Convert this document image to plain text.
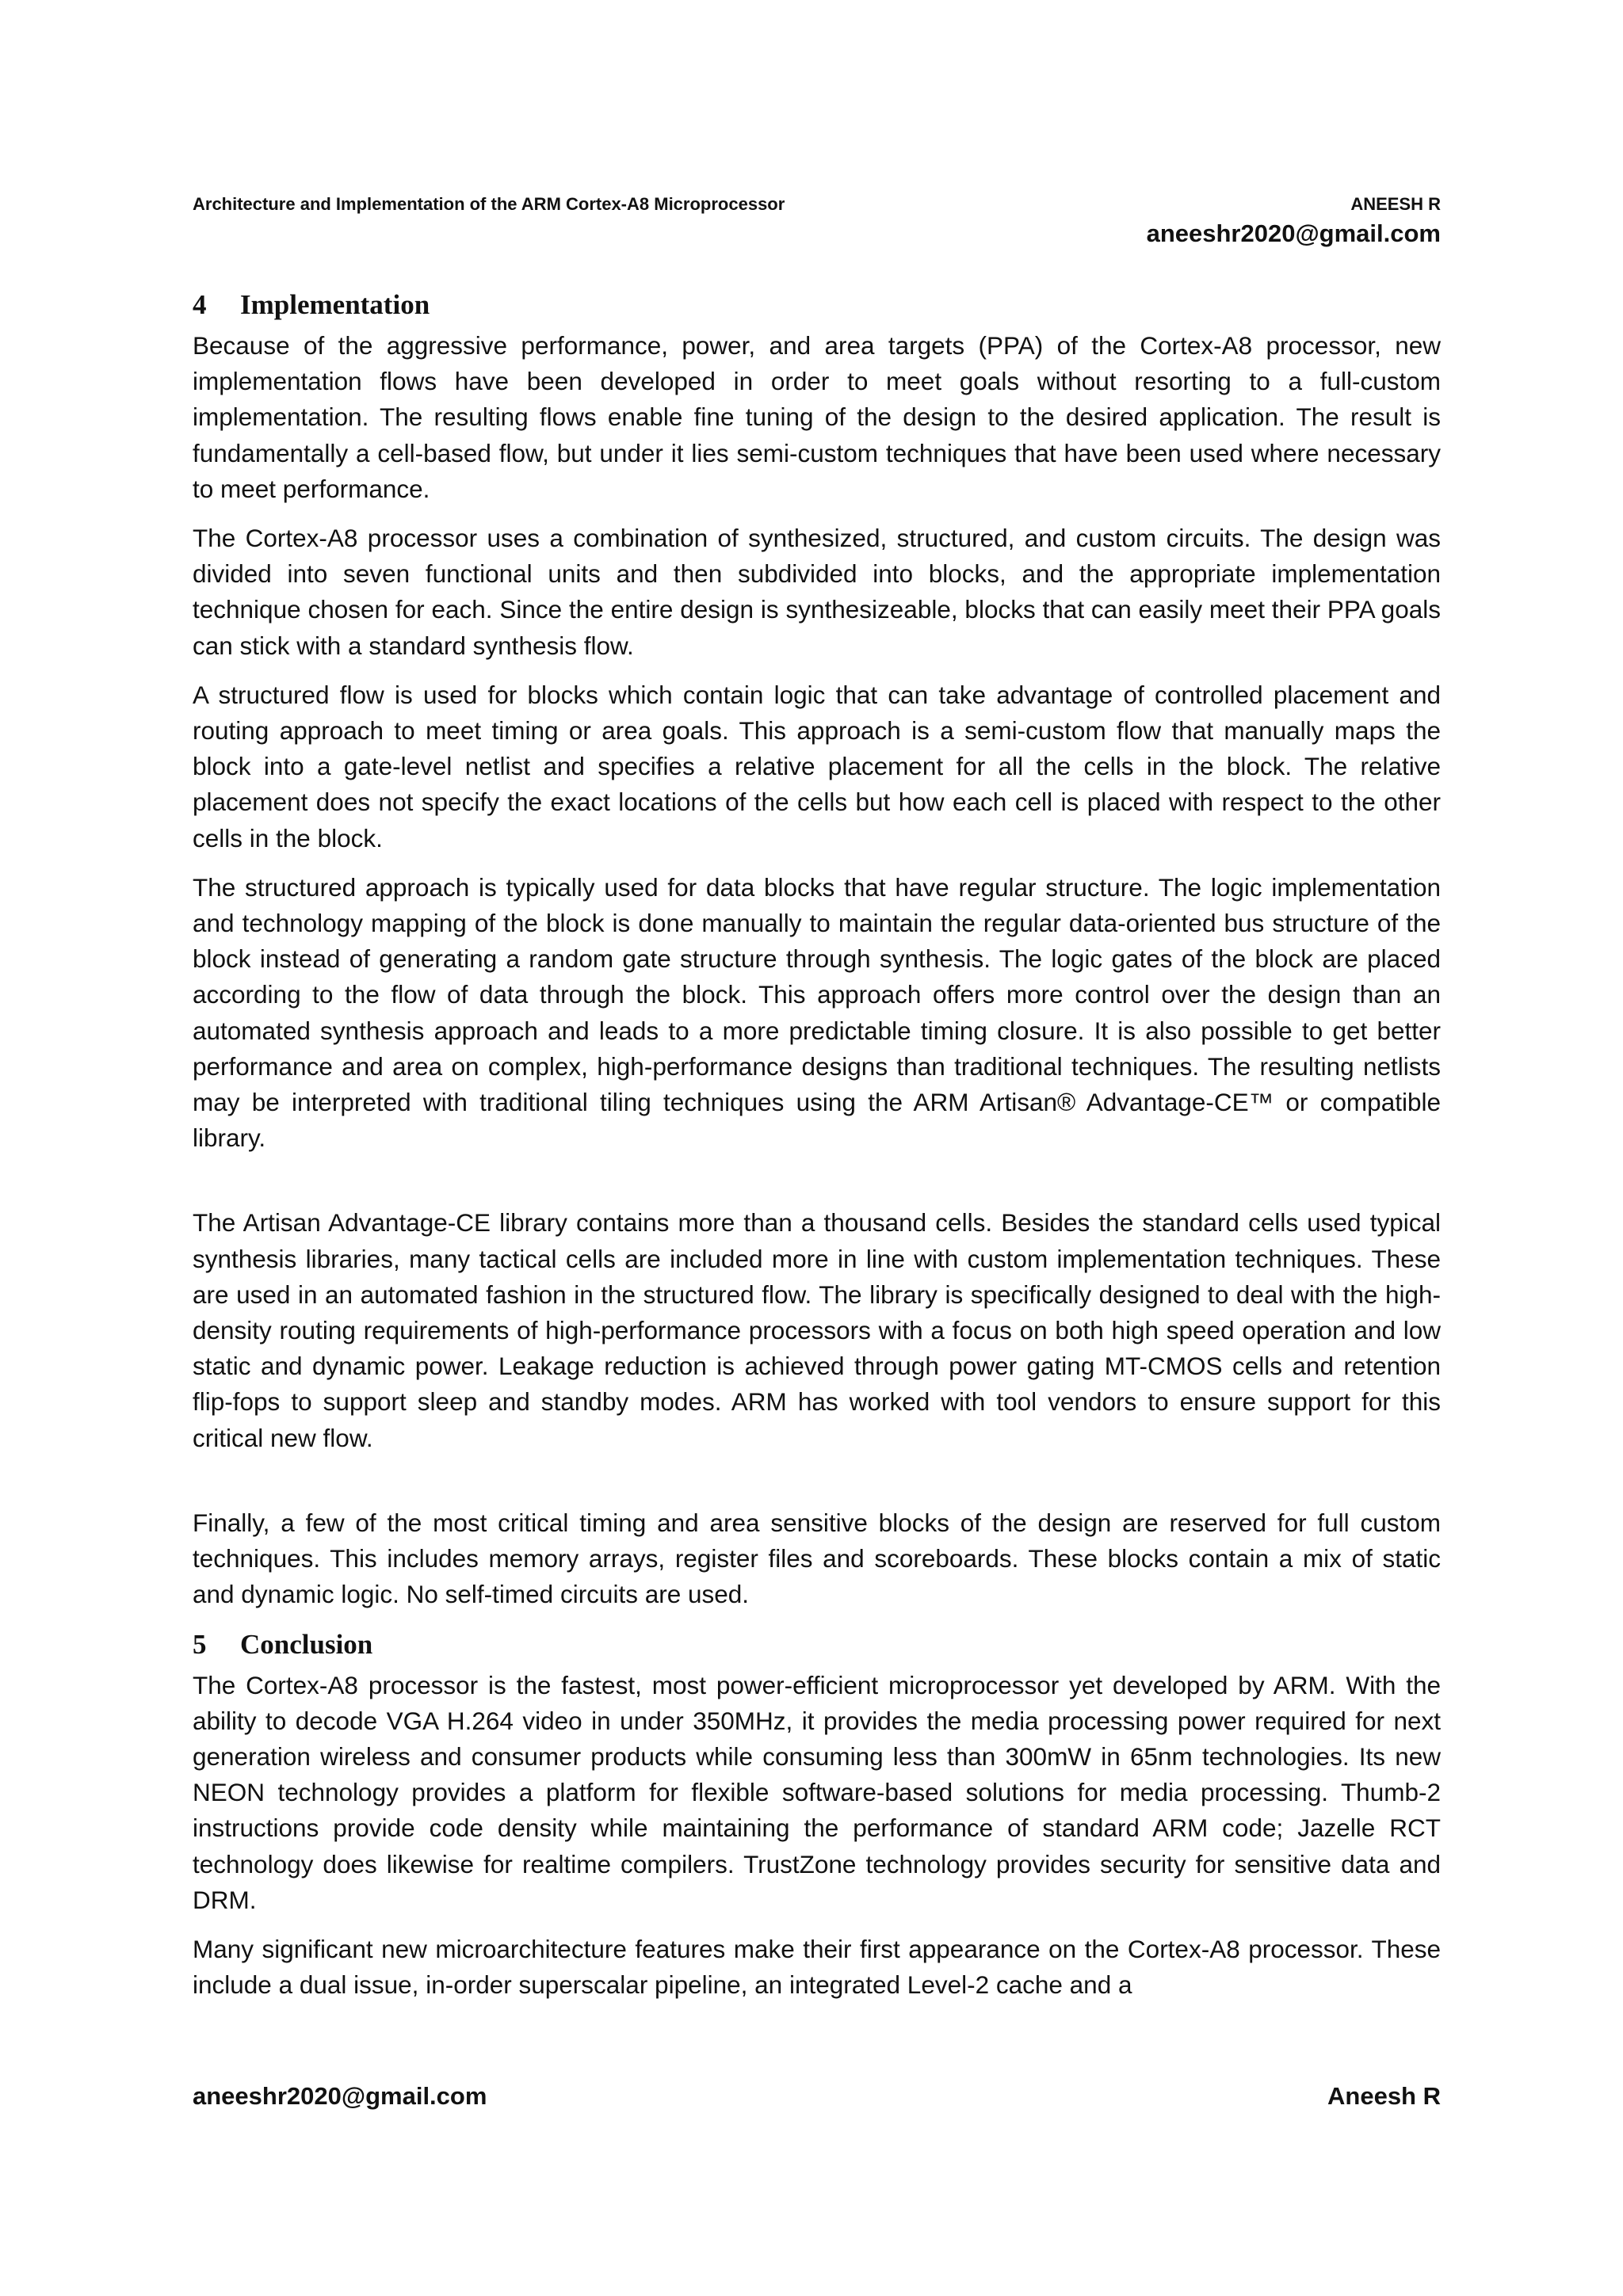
Architecture and Implementation of the ARM Cortex-A8 Microprocessor	ANEESH R
aneeshr2020@gmail.com
4 Implementation

Because of the aggressive performance, power, and area targets (PPA) of the Cortex-A8 processor, new implementation flows have been developed in order to meet goals without resorting to a full-custom implementation. The resulting flows enable fine tuning of the design to the desired application. The result is fundamentally a cell-based flow, but under it lies semi-custom techniques that have been used where necessary to meet performance.

The Cortex-A8 processor uses a combination of synthesized, structured, and custom circuits. The design was divided into seven functional units and then subdivided into blocks, and the appropriate implementation technique chosen for each. Since the entire design is synthesizeable, blocks that can easily meet their PPA goals can stick with a standard synthesis flow.

A structured flow is used for blocks which contain logic that can take advantage of controlled placement and routing approach to meet timing or area goals. This approach is a semi-custom flow that manually maps the block into a gate-level netlist and specifies a relative placement for all the cells in the block. The relative placement does not specify the exact locations of the cells but how each cell is placed with respect to the other cells in the block.

The structured approach is typically used for data blocks that have regular structure. The logic implementation and technology mapping of the block is done manually to maintain the regular data-oriented bus structure of the block instead of generating a random gate structure through synthesis. The logic gates of the block are placed according to the flow of data through the block. This approach offers more control over the design than an automated synthesis approach and leads to a more predictable timing closure. It is also possible to get better performance and area on complex, high-performance designs than traditional techniques. The resulting netlists may be interpreted with traditional tiling techniques using the ARM Artisan® Advantage-CE™ or compatible library.

The Artisan Advantage-CE library contains more than a thousand cells. Besides the standard cells used typical synthesis libraries, many tactical cells are included more in line with custom implementation techniques. These are used in an automated fashion in the structured flow. The library is specifically designed to deal with the high-density routing requirements of high-performance processors with a focus on both high speed operation and low static and dynamic power. Leakage reduction is achieved through power gating MT-CMOS cells and retention flip-fops to support sleep and standby modes. ARM has worked with tool vendors to ensure support for this critical new flow.

Finally, a few of the most critical timing and area sensitive blocks of the design are reserved for full custom techniques. This includes memory arrays, register files and scoreboards. These blocks contain a mix of static and dynamic logic. No self-timed circuits are used.

5 Conclusion

The Cortex-A8 processor is the fastest, most power-efficient microprocessor yet developed by ARM. With the ability to decode VGA H.264 video in under 350MHz, it provides the media processing power required for next generation wireless and consumer products while consuming less than 300mW in 65nm technologies. Its new NEON technology provides a platform for flexible software-based solutions for media processing. Thumb-2 instructions provide code density while maintaining the performance of standard ARM code; Jazelle RCT technology does likewise for realtime compilers. TrustZone technology provides security for sensitive data and DRM.

Many significant new microarchitecture features make their first appearance on the Cortex-A8 processor. These include a dual issue, in-order superscalar pipeline, an integrated Level-2 cache and a

aneeshr2020@gmail.com	Aneesh R
